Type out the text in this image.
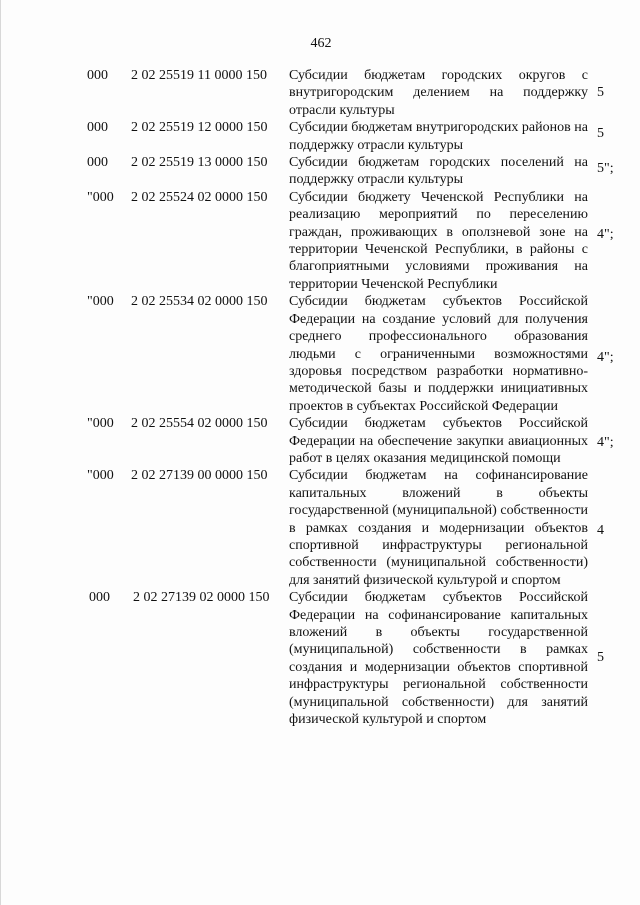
462
000 2 02 25519 11 0000 150 Субсидии бюджетам городских округов с внутригородским делением на поддержку отрасли культуры
5
000 2 02 25519 12 0000 150 Субсидии бюджетам внутригородских районов на поддержку отрасли культуры
5
000 2 02 25519 13 0000 150 Субсидии бюджетам городских поселений на поддержку отрасли культуры
5";
"000 2 02 25524 02 0000 150 Субсидии бюджету Чеченской Республики на реализацию мероприятий по переселению граждан, проживающих в оползневой зоне на территории Чеченской Республики, в районы с благоприятными условиями проживания на территории Чеченской Республики
4";
"000 2 02 25534 02 0000 150 Субсидии бюджетам субъектов Российской Федерации на создание условий для получения среднего профессионального образования людьми с ограниченными возможностями здоровья посредством разработки нормативно-методической базы и поддержки инициативных проектов в субъектах Российской Федерации
4";
"000 2 02 25554 02 0000 150 Субсидии бюджетам субъектов Российской Федерации на обеспечение закупки авиационных работ в целях оказания медицинской помощи
4";
"000 2 02 27139 00 0000 150 Субсидии бюджетам на софинансирование капитальных вложений в объекты государственной (муниципальной) собственности в рамках создания и модернизации объектов спортивной инфраструктуры региональной собственности (муниципальной собственности) для занятий физической культурой и спортом
4
000 2 02 27139 02 0000 150 Субсидии бюджетам субъектов Российской Федерации на софинансирование капитальных вложений в объекты государственной (муниципальной) собственности в рамках создания и модернизации объектов спортивной инфраструктуры региональной собственности (муниципальной собственности) для занятий физической культурой и спортом
5
